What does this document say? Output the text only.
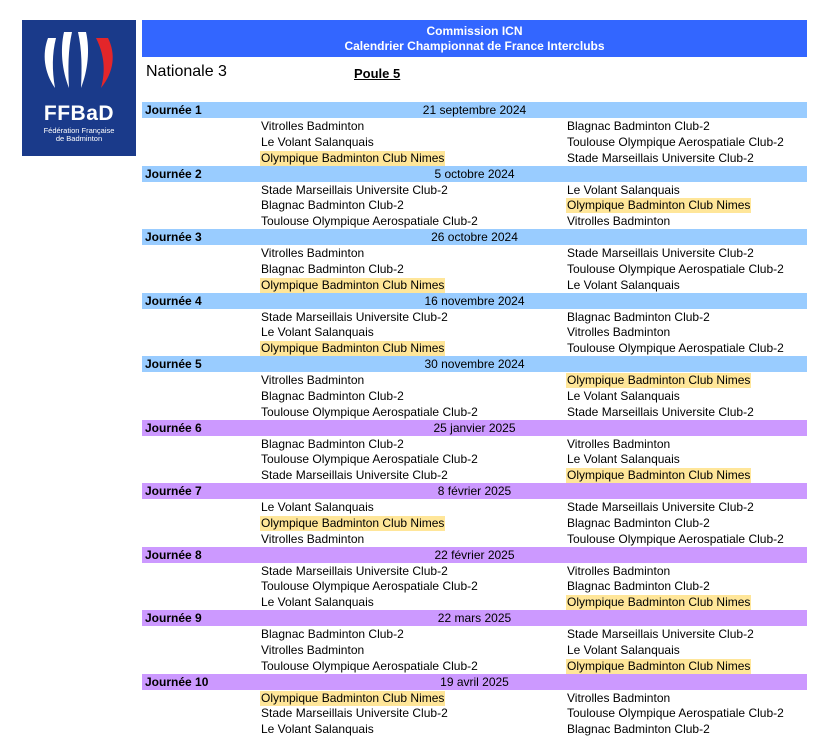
FFBaD
Fédération Française
de Badminton
Commission ICN
Calendrier Championnat de France Interclubs
Nationale 3	Poule 5
21 septembre 2024
Journée 1
Vitrolles Badminton	Blagnac Badminton Club-2
Le Volant Salanquais	Toulouse Olympique Aerospatiale Club-2
Olympique Badminton Club Nimes	Stade Marseillais Universite Club-2
5 octobre 2024
Journée 2
Stade Marseillais Universite Club-2	Le Volant Salanquais
Blagnac Badminton Club-2	Olympique Badminton Club Nimes
Toulouse Olympique Aerospatiale Club-2	Vitrolles Badminton
26 octobre 2024
Journée 3
Vitrolles Badminton	Stade Marseillais Universite Club-2
Blagnac Badminton Club-2	Toulouse Olympique Aerospatiale Club-2
Olympique Badminton Club Nimes	Le Volant Salanquais
16 novembre 2024
Journée 4
Stade Marseillais Universite Club-2	Blagnac Badminton Club-2
Le Volant Salanquais	Vitrolles Badminton
Olympique Badminton Club Nimes	Toulouse Olympique Aerospatiale Club-2
30 novembre 2024
Journée 5
Vitrolles Badminton	Olympique Badminton Club Nimes
Blagnac Badminton Club-2	Le Volant Salanquais
Toulouse Olympique Aerospatiale Club-2	Stade Marseillais Universite Club-2
25 janvier 2025
Journée 6
Blagnac Badminton Club-2	Vitrolles Badminton
Toulouse Olympique Aerospatiale Club-2	Le Volant Salanquais
Stade Marseillais Universite Club-2	Olympique Badminton Club Nimes
8 février 2025
Journée 7
Le Volant Salanquais	Stade Marseillais Universite Club-2
Olympique Badminton Club Nimes	Blagnac Badminton Club-2
Vitrolles Badminton	Toulouse Olympique Aerospatiale Club-2
22 février 2025
Journée 8
Stade Marseillais Universite Club-2	Vitrolles Badminton
Toulouse Olympique Aerospatiale Club-2	Blagnac Badminton Club-2
Le Volant Salanquais	Olympique Badminton Club Nimes
22 mars 2025
Journée 9
Blagnac Badminton Club-2	Stade Marseillais Universite Club-2
Vitrolles Badminton	Le Volant Salanquais
Toulouse Olympique Aerospatiale Club-2	Olympique Badminton Club Nimes
19 avril 2025
Journée 10
Olympique Badminton Club Nimes	Vitrolles Badminton
Stade Marseillais Universite Club-2	Toulouse Olympique Aerospatiale Club-2
Le Volant Salanquais	Blagnac Badminton Club-2
